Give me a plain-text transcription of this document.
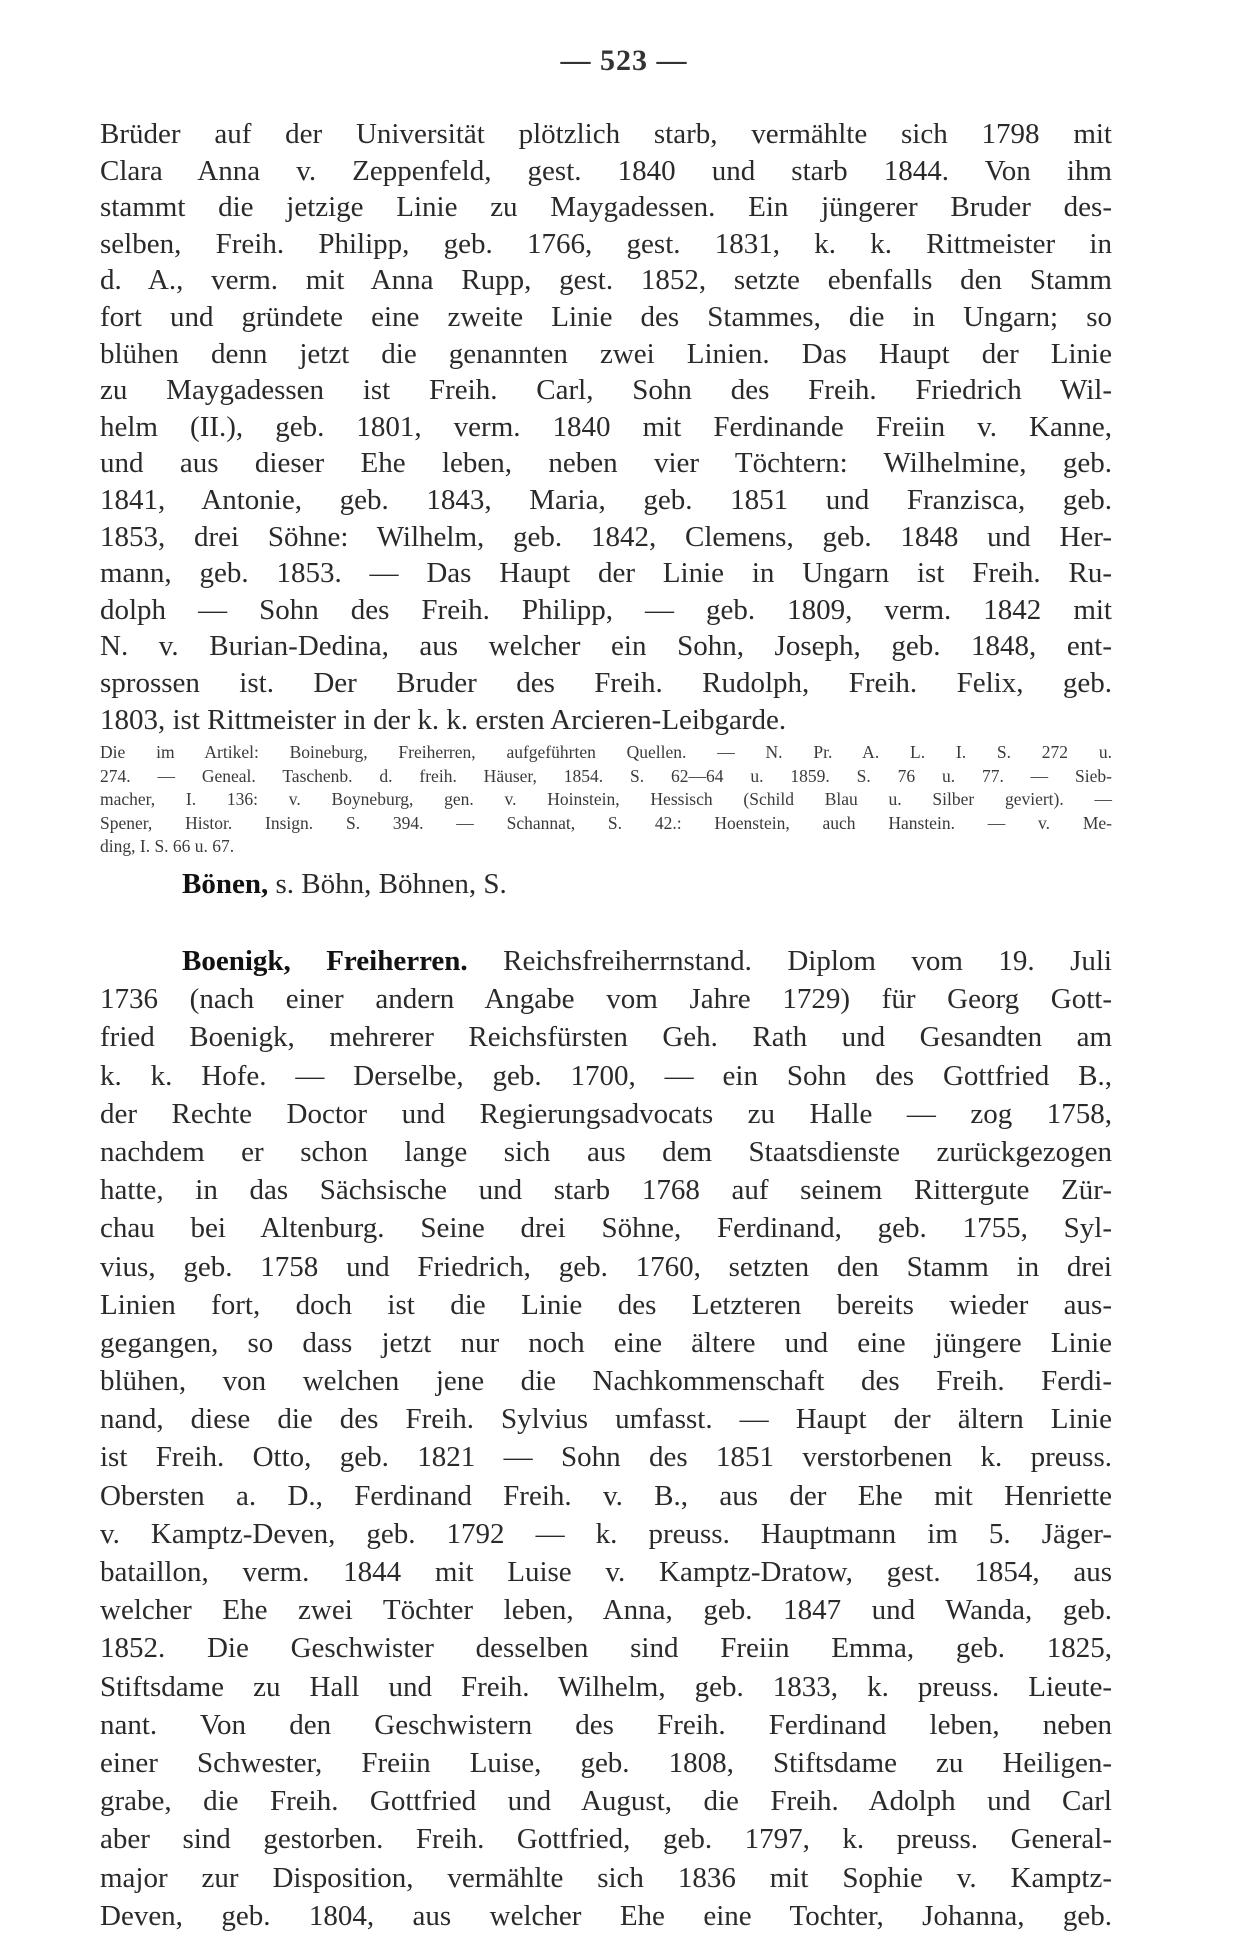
— 523 —
Brüder auf der Universität plötzlich starb, vermählte sich 1798 mit
Clara Anna v. Zeppenfeld, gest. 1840 und starb 1844. Von ihm
stammt die jetzige Linie zu Maygadessen. Ein jüngerer Bruder des-
selben, Freih. Philipp, geb. 1766, gest. 1831, k. k. Rittmeister in
d. A., verm. mit Anna Rupp, gest. 1852, setzte ebenfalls den Stamm
fort und gründete eine zweite Linie des Stammes, die in Ungarn; so
blühen denn jetzt die genannten zwei Linien. Das Haupt der Linie
zu Maygadessen ist Freih. Carl, Sohn des Freih. Friedrich Wil-
helm (II.), geb. 1801, verm. 1840 mit Ferdinande Freiin v. Kanne,
und aus dieser Ehe leben, neben vier Töchtern: Wilhelmine, geb.
1841, Antonie, geb. 1843, Maria, geb. 1851 und Franzisca, geb.
1853, drei Söhne: Wilhelm, geb. 1842, Clemens, geb. 1848 und Her-
mann, geb. 1853. — Das Haupt der Linie in Ungarn ist Freih. Ru-
dolph — Sohn des Freih. Philipp, — geb. 1809, verm. 1842 mit
N. v. Burian-Dedina, aus welcher ein Sohn, Joseph, geb. 1848, ent-
sprossen ist. Der Bruder des Freih. Rudolph, Freih. Felix, geb.
1803, ist Rittmeister in der k. k. ersten Arcieren-Leibgarde.
Die im Artikel: Boineburg, Freiherren, aufgeführten Quellen. — N. Pr. A. L. I. S. 272 u.
274. — Geneal. Taschenb. d. freih. Häuser, 1854. S. 62—64 u. 1859. S. 76 u. 77. — Sieb-
macher, I. 136: v. Boyneburg, gen. v. Hoinstein, Hessisch (Schild Blau u. Silber geviert). —
Spener, Histor. Insign. S. 394. — Schannat, S. 42.: Hoenstein, auch Hanstein. — v. Me-
ding, I. S. 66 u. 67.
Bönen, s. Böhn, Böhnen, S.
Boenigk, Freiherren. Reichsfreiherrnstand. Diplom vom 19. Juli
1736 (nach einer andern Angabe vom Jahre 1729) für Georg Gott-
fried Boenigk, mehrerer Reichsfürsten Geh. Rath und Gesandten am
k. k. Hofe. — Derselbe, geb. 1700, — ein Sohn des Gottfried B.,
der Rechte Doctor und Regierungsadvocats zu Halle — zog 1758,
nachdem er schon lange sich aus dem Staatsdienste zurückgezogen
hatte, in das Sächsische und starb 1768 auf seinem Rittergute Zür-
chau bei Altenburg. Seine drei Söhne, Ferdinand, geb. 1755, Syl-
vius, geb. 1758 und Friedrich, geb. 1760, setzten den Stamm in drei
Linien fort, doch ist die Linie des Letzteren bereits wieder aus-
gegangen, so dass jetzt nur noch eine ältere und eine jüngere Linie
blühen, von welchen jene die Nachkommenschaft des Freih. Ferdi-
nand, diese die des Freih. Sylvius umfasst. — Haupt der ältern Linie
ist Freih. Otto, geb. 1821 — Sohn des 1851 verstorbenen k. preuss.
Obersten a. D., Ferdinand Freih. v. B., aus der Ehe mit Henriette
v. Kamptz-Deven, geb. 1792 — k. preuss. Hauptmann im 5. Jäger-
bataillon, verm. 1844 mit Luise v. Kamptz-Dratow, gest. 1854, aus
welcher Ehe zwei Töchter leben, Anna, geb. 1847 und Wanda, geb.
1852. Die Geschwister desselben sind Freiin Emma, geb. 1825,
Stiftsdame zu Hall und Freih. Wilhelm, geb. 1833, k. preuss. Lieute-
nant. Von den Geschwistern des Freih. Ferdinand leben, neben
einer Schwester, Freiin Luise, geb. 1808, Stiftsdame zu Heiligen-
grabe, die Freih. Gottfried und August, die Freih. Adolph und Carl
aber sind gestorben. Freih. Gottfried, geb. 1797, k. preuss. General-
major zur Disposition, vermählte sich 1836 mit Sophie v. Kamptz-
Deven, geb. 1804, aus welcher Ehe eine Tochter, Johanna, geb.
